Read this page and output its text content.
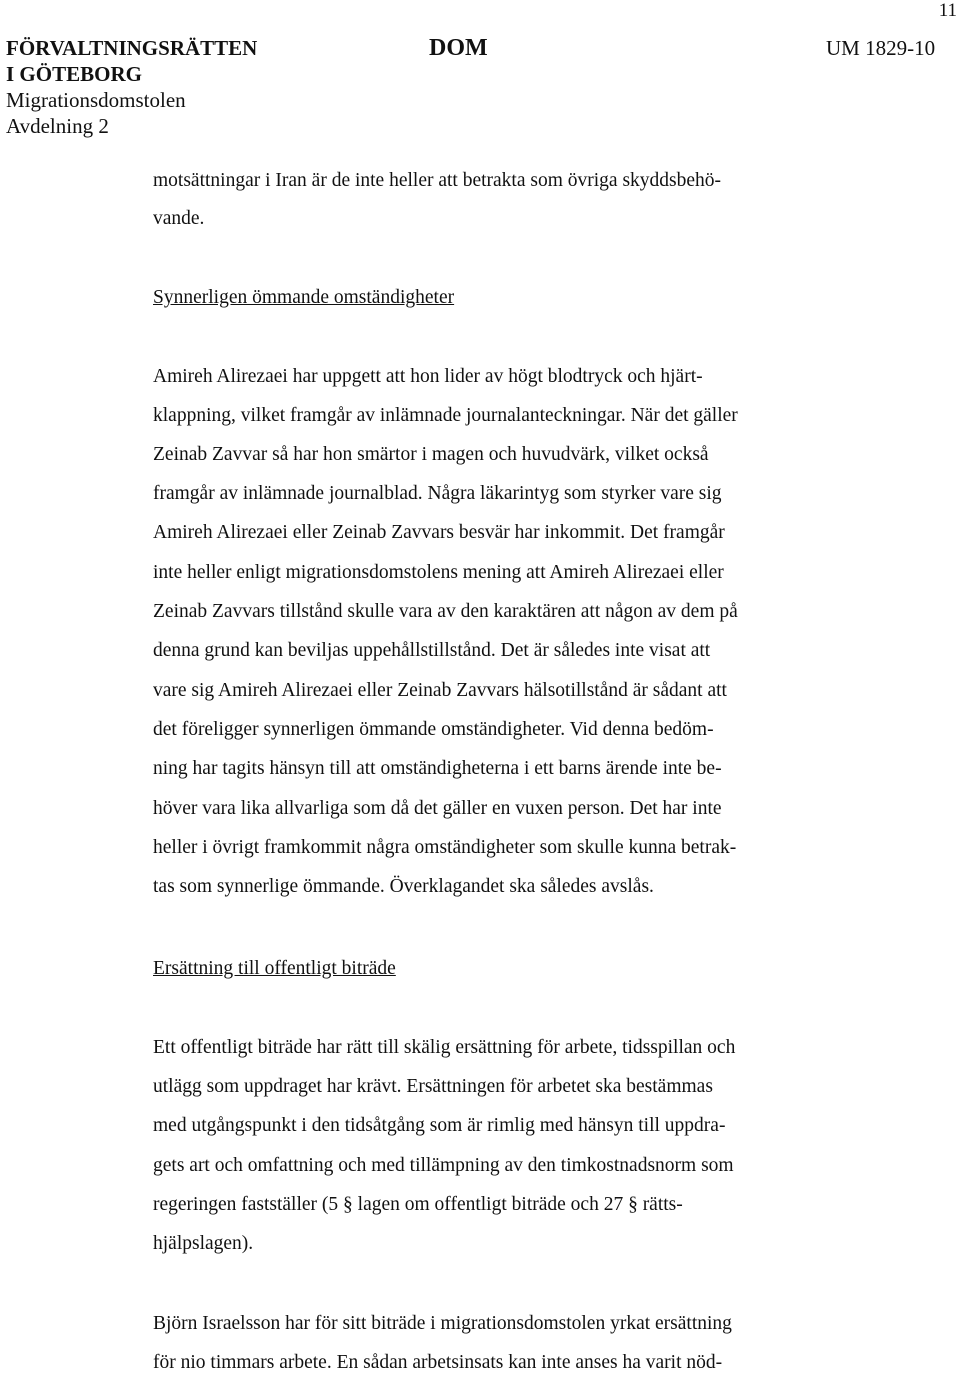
11
FÖRVALTNINGSRÄTTEN
I GÖTEBORG
Migrationsdomstolen
Avdelning 2
DOM	UM 1829-10
motsättningar i Iran är de inte heller att betrakta som övriga skyddsbehö-
vande.
Synnerligen ömmande omständigheter
Amireh Alirezaei har uppgett att hon lider av högt blodtryck och hjärt-
klappning, vilket framgår av inlämnade journalanteckningar. När det gäller
Zeinab Zavvar så har hon smärtor i magen och huvudvärk, vilket också
framgår av inlämnade journalblad. Några läkarintyg som styrker vare sig
Amireh Alirezaei eller Zeinab Zavvars besvär har inkommit. Det framgår
inte heller enligt migrationsdomstolens mening att Amireh Alirezaei eller
Zeinab Zavvars tillstånd skulle vara av den karaktären att någon av dem på
denna grund kan beviljas uppehållstillstånd. Det är således inte visat att
vare sig Amireh Alirezaei eller Zeinab Zavvars hälsotillstånd är sådant att
det föreligger synnerligen ömmande omständigheter. Vid denna bedöm-
ning har tagits hänsyn till att omständigheterna i ett barns ärende inte be-
höver vara lika allvarliga som då det gäller en vuxen person. Det har inte
heller i övrigt framkommit några omständigheter som skulle kunna betrak-
tas som synnerlige ömmande. Överklagandet ska således avslås.
Ersättning till offentligt biträde
Ett offentligt biträde har rätt till skälig ersättning för arbete, tidsspillan och
utlägg som uppdraget har krävt. Ersättningen för arbetet ska bestämmas
med utgångspunkt i den tidsåtgång som är rimlig med hänsyn till uppdra-
gets art och omfattning och med tillämpning av den timkostnadsnorm som
regeringen fastställer (5 § lagen om offentligt biträde och 27 § rätts-
hjälpslagen).
Björn Israelsson har för sitt biträde i migrationsdomstolen yrkat ersättning
för nio timmars arbete. En sådan arbetsinsats kan inte anses ha varit nöd-
